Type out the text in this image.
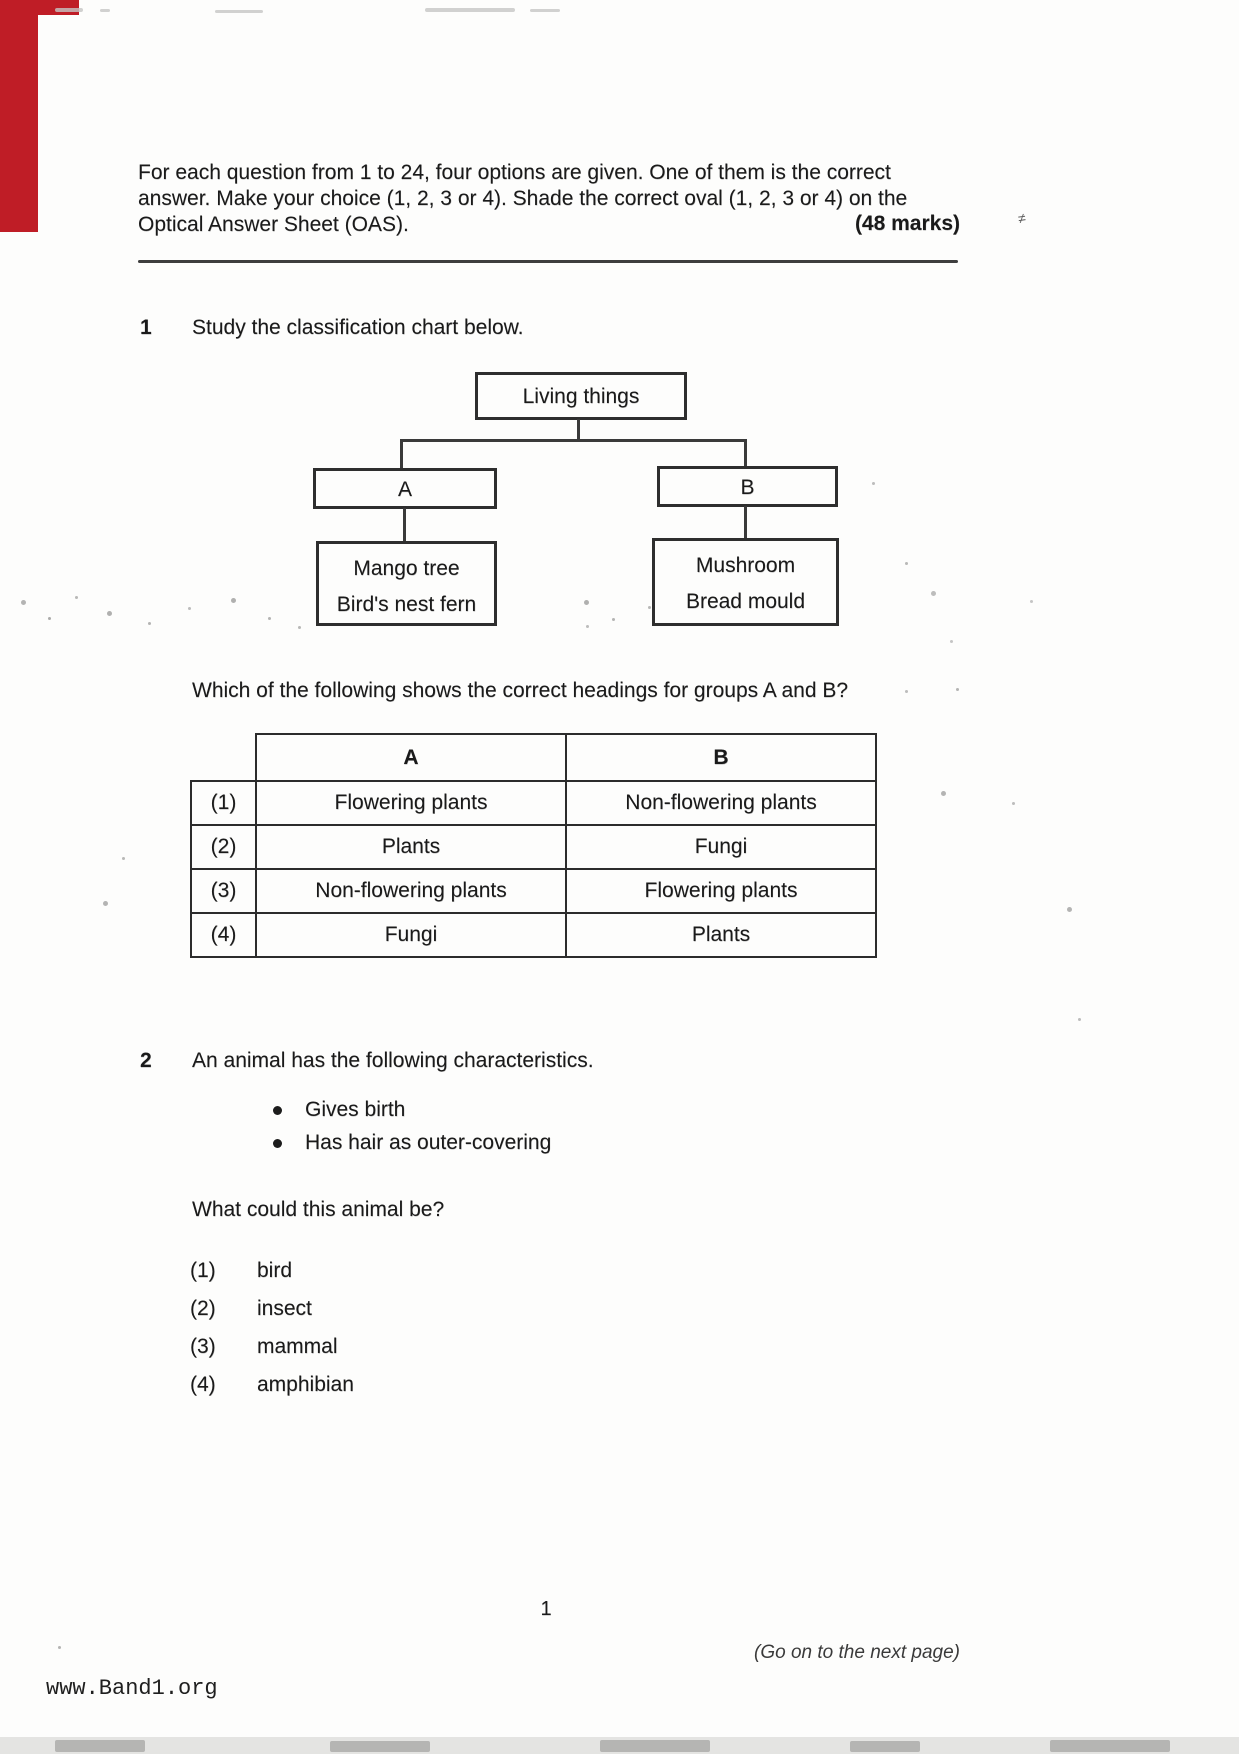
≠
For each question from 1 to 24, four options are given. One of them is the correct
answer. Make your choice (1, 2, 3 or 4). Shade the correct oval (1, 2, 3 or 4) on the
Optical Answer Sheet (OAS).	(48 marks)
1 Study the classification chart below.
Living things
A	B
Mango tree
Bird's nest fern
Mushroom
Bread mould
Which of the following shows the correct headings for groups A and B?
	A	B
(1)	Flowering plants	Non-flowering plants
(2)	Plants	Fungi
(3)	Non-flowering plants	Flowering plants
(4)	Fungi	Plants
2 An animal has the following characteristics.
Gives birth
Has hair as outer-covering
What could this animal be?
(1) bird
(2) insect
(3) mammal
(4) amphibian
1
(Go on to the next page)
www.Band1.org
